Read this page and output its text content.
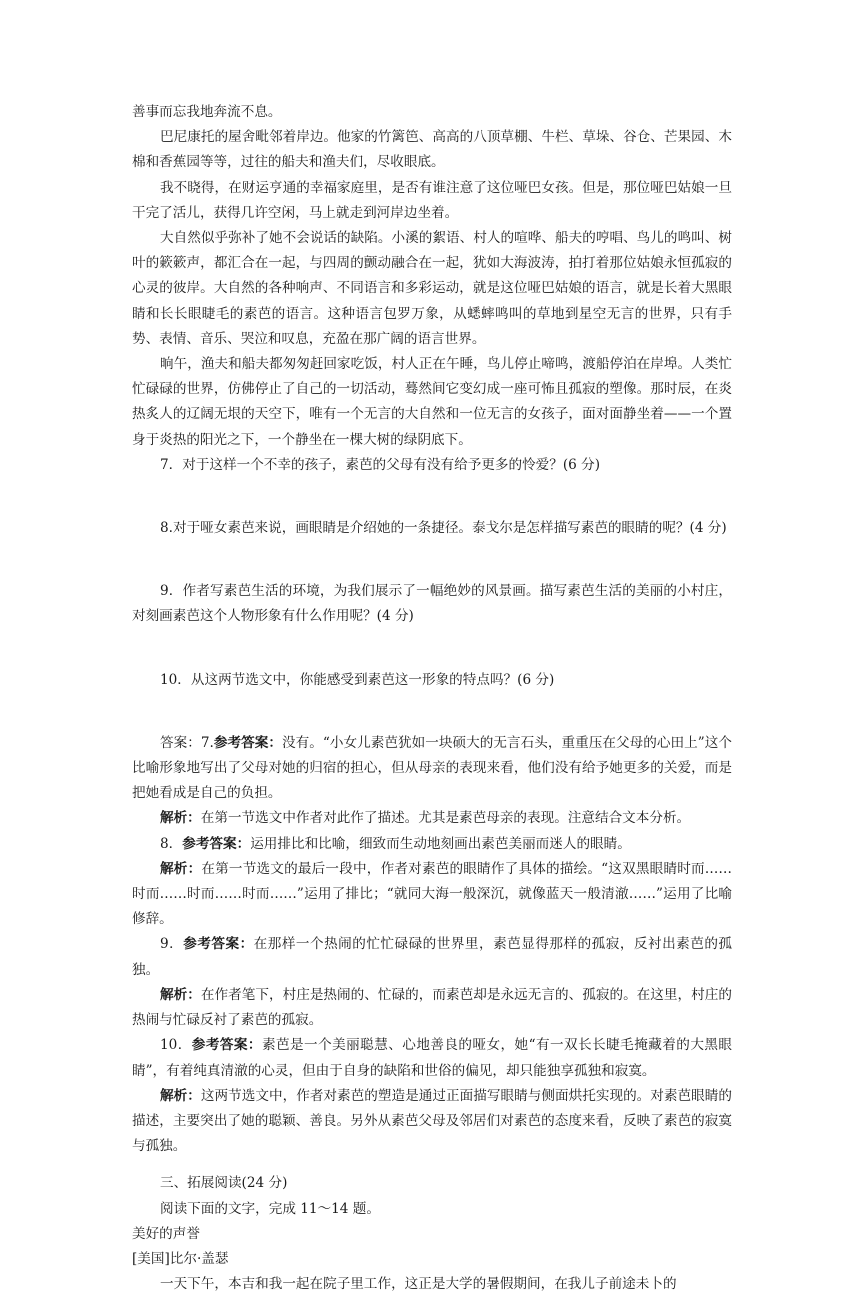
善事而忘我地奔流不息。

巴尼康托的屋舍毗邻着岸边。他家的竹篱笆、高高的八顶草棚、牛栏、草垛、谷仓、芒果园、木棉和香蕉园等等，过往的船夫和渔夫们，尽收眼底。

我不晓得，在财运亨通的幸福家庭里，是否有谁注意了这位哑巴女孩。但是，那位哑巴姑娘一旦干完了活儿，获得几许空闲，马上就走到河岸边坐着。

大自然似乎弥补了她不会说话的缺陷。小溪的絮语、村人的喧哗、船夫的哼唱、鸟儿的鸣叫、树叶的簌簌声，都汇合在一起，与四周的颤动融合在一起，犹如大海波涛，拍打着那位姑娘永恒孤寂的心灵的彼岸。大自然的各种响声、不同语言和多彩运动，就是这位哑巴姑娘的语言，就是长着大黑眼睛和长长眼睫毛的素芭的语言。这种语言包罗万象，从蟋蟀鸣叫的草地到星空无言的世界，只有手势、表情、音乐、哭泣和叹息，充盈在那广阔的语言世界。

晌午，渔夫和船夫都匆匆赶回家吃饭，村人正在午睡，鸟儿停止啼鸣，渡船停泊在岸埠。人类忙忙碌碌的世界，仿佛停止了自己的一切活动，蓦然间它变幻成一座可怖且孤寂的塑像。那时辰，在炎热炙人的辽阔无垠的天空下，唯有一个无言的大自然和一位无言的女孩子，面对面静坐着——一个置身于炎热的阳光之下，一个静坐在一棵大树的绿阴底下。

7．对于这样一个不幸的孩子，素芭的父母有没有给予更多的怜爱？(6 分)

8.对于哑女素芭来说，画眼睛是介绍她的一条捷径。泰戈尔是怎样描写素芭的眼睛的呢？(4 分)

9．作者写素芭生活的环境，为我们展示了一幅绝妙的风景画。描写素芭生活的美丽的小村庄，对刻画素芭这个人物形象有什么作用呢？(4 分)

10．从这两节选文中，你能感受到素芭这一形象的特点吗？(6 分)

答案：7.参考答案：没有。“小女儿素芭犹如一块硕大的无言石头，重重压在父母的心田上”这个比喻形象地写出了父母对她的归宿的担心，但从母亲的表现来看，他们没有给予她更多的关爱，而是把她看成是自己的负担。

解析：在第一节选文中作者对此作了描述。尤其是素芭母亲的表现。注意结合文本分析。

8．参考答案：运用排比和比喻，细致而生动地刻画出素芭美丽而迷人的眼睛。

解析：在第一节选文的最后一段中，作者对素芭的眼睛作了具体的描绘。“这双黑眼睛时而……时而……时而……时而……”运用了排比；“就同大海一般深沉，就像蓝天一般清澈……”运用了比喻修辞。

9．参考答案：在那样一个热闹的忙忙碌碌的世界里，素芭显得那样的孤寂，反衬出素芭的孤独。

解析：在作者笔下，村庄是热闹的、忙碌的，而素芭却是永远无言的、孤寂的。在这里，村庄的热闹与忙碌反衬了素芭的孤寂。

10．参考答案：素芭是一个美丽聪慧、心地善良的哑女，她“有一双长长睫毛掩藏着的大黑眼睛”，有着纯真清澈的心灵，但由于自身的缺陷和世俗的偏见，却只能独享孤独和寂寞。

解析：这两节选文中，作者对素芭的塑造是通过正面描写眼睛与侧面烘托实现的。对素芭眼睛的描述，主要突出了她的聪颖、善良。另外从素芭父母及邻居们对素芭的态度来看，反映了素芭的寂寞与孤独。

三、拓展阅读(24 分)

阅读下面的文字，完成 11～14 题。

美好的声誉

[美国]比尔·盖瑟

一天下午，本吉和我一起在院子里工作，这正是大学的暑假期间，在我儿子前途未卜的
